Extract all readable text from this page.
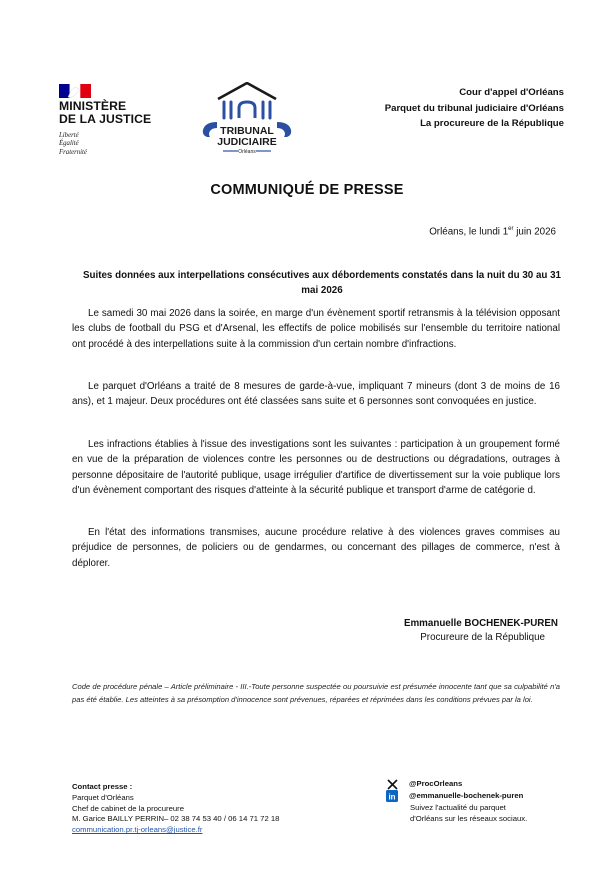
MINISTÈRE
DE LA JUSTICE
Liberté
Égalité
Fraternité
TRIBUNAL
JUDICIAIRE
Orléans
Cour d'appel d'Orléans
Parquet du tribunal judiciaire d'Orléans
La procureure de la République
COMMUNIQUÉ DE PRESSE
Orléans, le lundi 1er juin 2026
Suites données aux interpellations consécutives aux débordements constatés dans la nuit du 30 au 31 mai 2026

Le samedi 30 mai 2026 dans la soirée, en marge d'un évènement sportif retransmis à la télévision opposant les clubs de football du PSG et d'Arsenal, les effectifs de police mobilisés sur l'ensemble du territoire national ont procédé à des interpellations suite à la commission d'un certain nombre d'infractions.

Le parquet d'Orléans a traité de 8 mesures de garde-à-vue, impliquant 7 mineurs (dont 3 de moins de 16 ans), et 1 majeur. Deux procédures ont été classées sans suite et 6 personnes sont convoquées en justice.

Les infractions établies à l'issue des investigations sont les suivantes : participation à un groupement formé en vue de la préparation de violences contre les personnes ou de destructions ou dégradations, outrages à personne dépositaire de l'autorité publique, usage irrégulier d'artifice de divertissement sur la voie publique lors d'un évènement comportant des risques d'atteinte à la sécurité publique et transport d'arme de catégorie d.

En l'état des informations transmises, aucune procédure relative à des violences graves commises au préjudice de personnes, de policiers ou de gendarmes, ou concernant des pillages de commerce, n'est à déplorer.

Emmanuelle BOCHENEK-PUREN
Procureure de la République
Code de procédure pénale – Article préliminaire - III.-Toute personne suspectée ou poursuivie est présumée innocente tant que sa culpabilité n'a pas été établie. Les atteintes à sa présomption d'innocence sont prévenues, réparées et réprimées dans les conditions prévues par la loi.
Contact presse :
Parquet d'Orléans
Chef de cabinet de la procureure
M. Garice BAILLY PERRIN– 02 38 74 53 40 / 06 14 71 72 18
communication.pr.tj-orleans@justice.fr
@ProcOrleans
in @emmanuelle-bochenek-puren
Suivez l'actualité du parquet
d'Orléans sur les réseaux sociaux.
